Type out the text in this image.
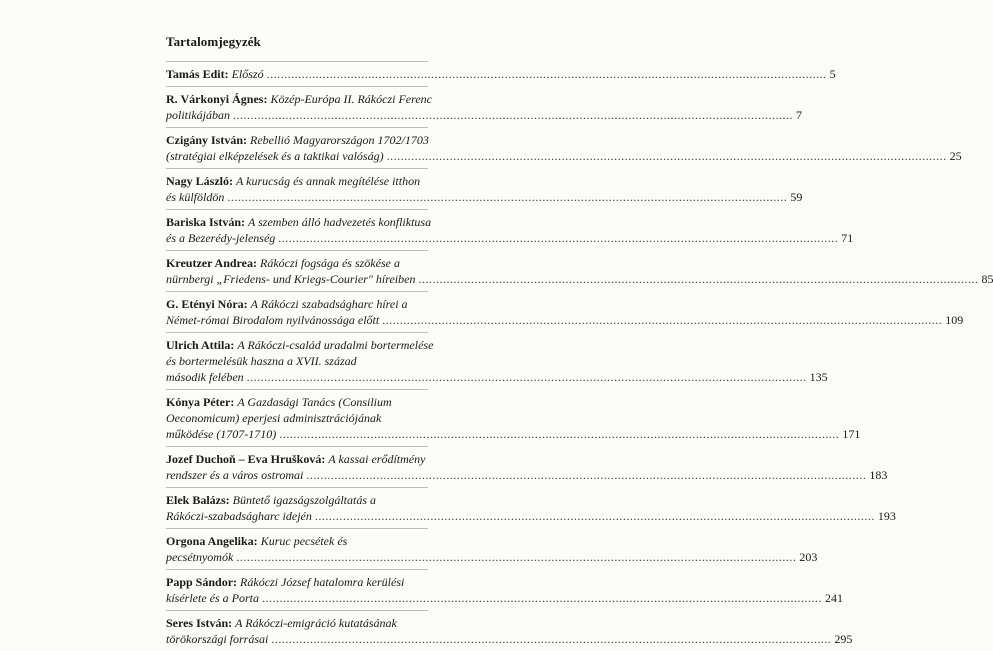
Tartalomjegyzék
Tamás Edit: Előszó .....	5
R. Várkonyi Ágnes: Közép-Európa II. Rákóczi Ferenc
politikájában .....	7
Czigány István: Rebellió Magyarországon 1702/1703
(stratégiai elképzelések és a taktikai valóság) .....	25
Nagy László: A kurucság és annak megítélése itthon
és külföldön .....	59
Bariska István: A szemben álló hadvezetés konfliktusa
és a Bezerédy-jelenség .....	71
Kreutzer Andrea: Rákóczi fogsága és szökése a
nürnbergi „Friedens- und Kriegs-Courier" híreiben .....	85
G. Etényi Nóra: A Rákóczi szabadságharc hírei a
Német-római Birodalom nyilvánossága előtt .....	109
Ulrich Attila: A Rákóczi-család uradalmi bortermelése
és bortermelésük haszna a XVII. század
második felében .....	135
Kónya Péter: A Gazdasági Tanács (Consilium
Oeconomicum) eperjesi adminisztrációjának
működése (1707-1710) .....	171
Jozef Duchoň – Eva Hrušková: A kassai erődítmény
rendszer és a város ostromai .....	183
Elek Balázs: Büntető igazságszolgáltatás a
Rákóczi-szabadságharc idején .....	193
Orgona Angelika: Kuruc pecsétek és
pecsétnyomók .....	203
Papp Sándor: Rákóczi József hatalomra kerülési
kísérlete és a Porta .....	241
Seres István: A Rákóczi-emigráció kutatásának
törökországi forrásai .....	295
